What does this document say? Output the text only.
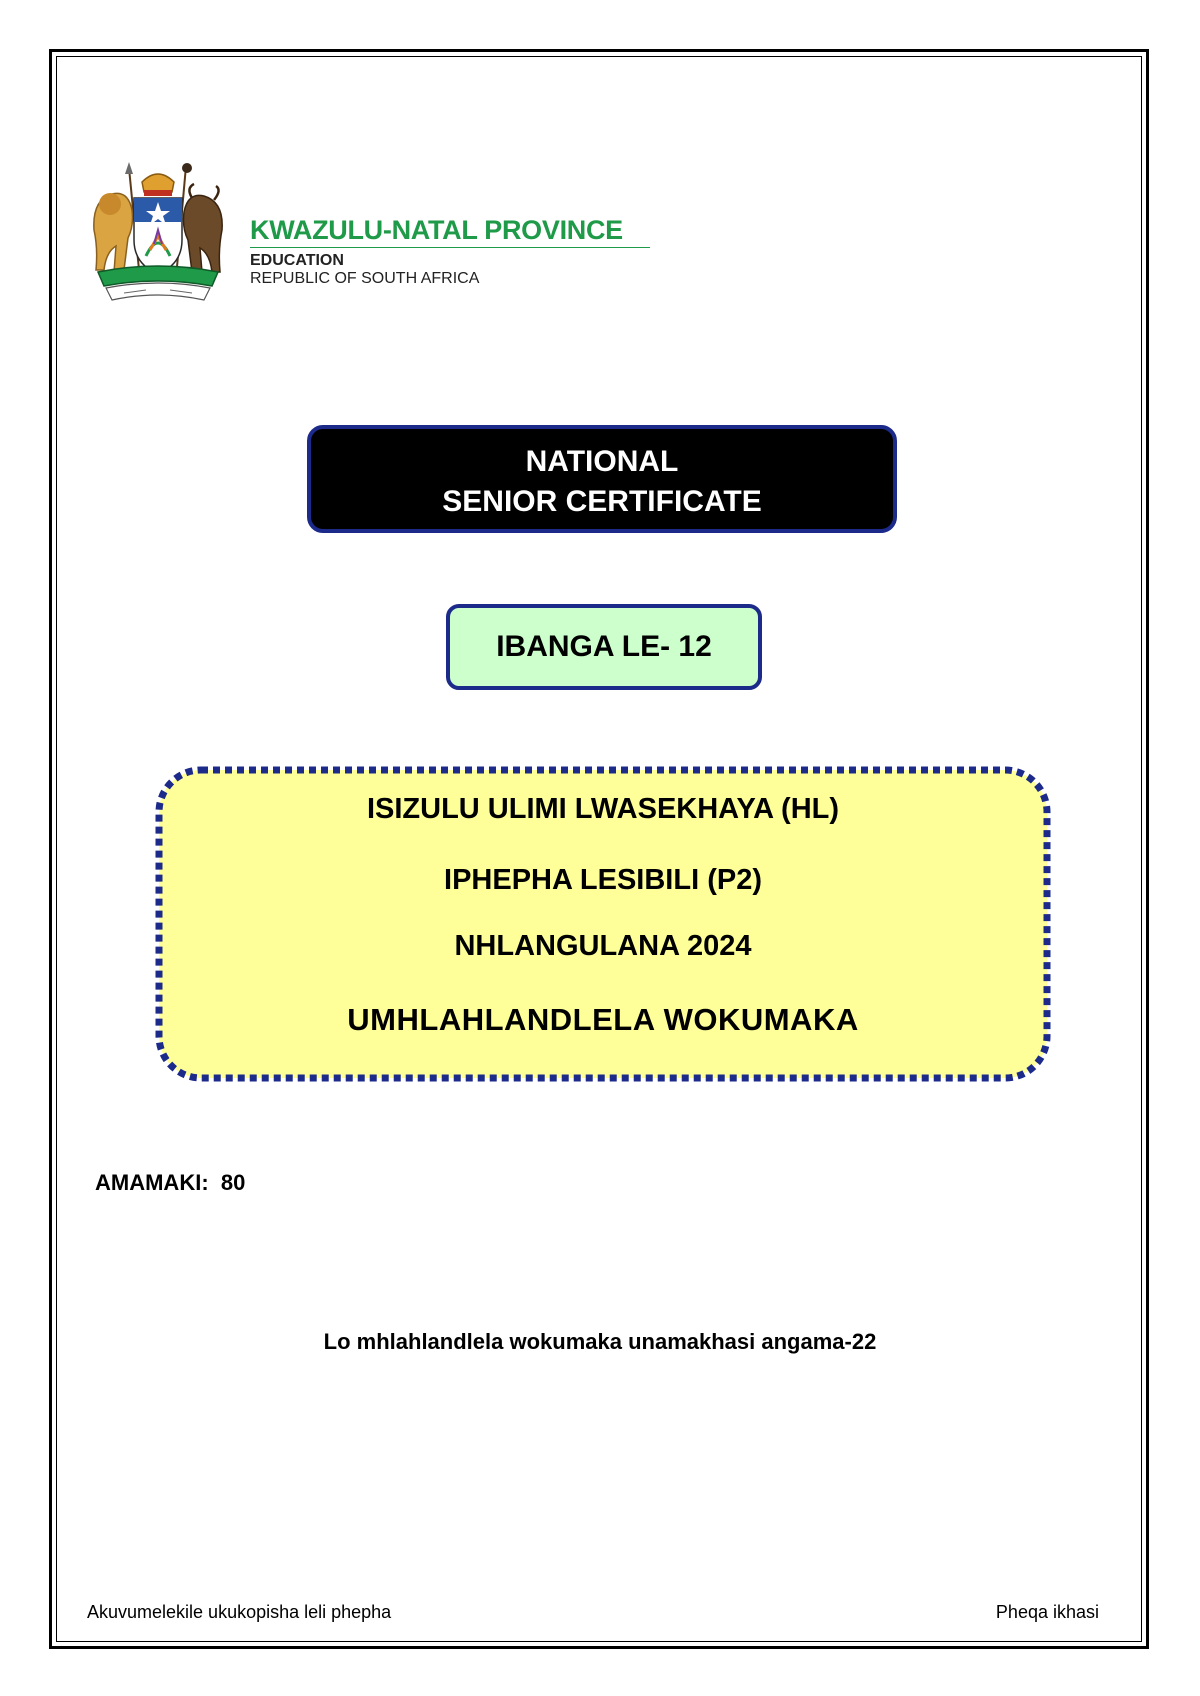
KWAZULU-NATAL PROVINCE
EDUCATION
REPUBLIC OF SOUTH AFRICA
NATIONAL
SENIOR CERTIFICATE
IBANGA LE- 12
ISIZULU ULIMI LWASEKHAYA (HL)
IPHEPHA LESIBILI (P2)
NHLANGULANA 2024
UMHLAHLANDLELA WOKUMAKA
AMAMAKI: 80
Lo mhlahlandlela wokumaka unamakhasi angama-22
Akuvumelekile ukukopisha leli phepha	Pheqa ikhasi
